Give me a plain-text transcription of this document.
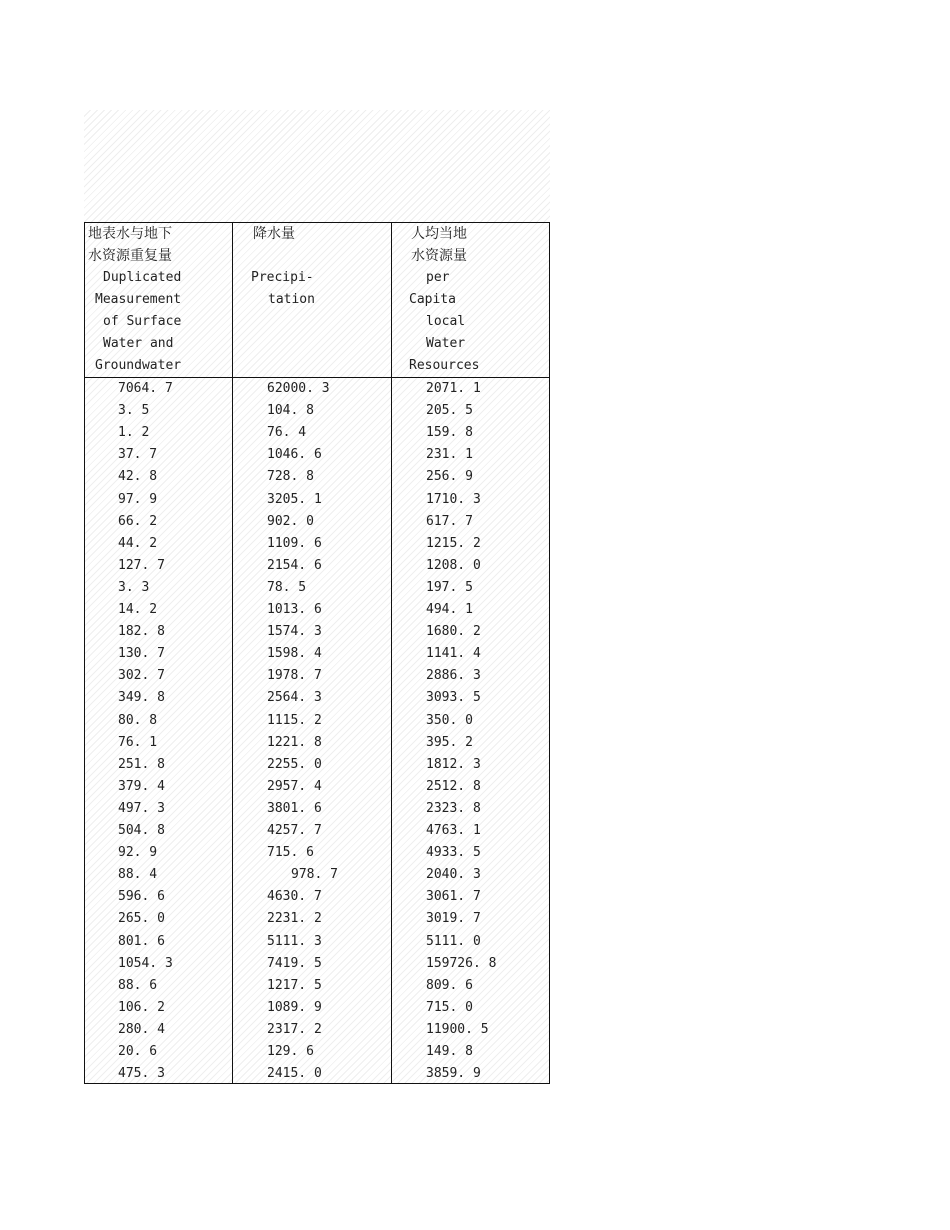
地表水与地下
水资源重复量
Duplicated
Measurement
of Surface
Water and
Groundwater
降水量
Precipi-
tation
人均当地
水资源量
per
Capita
local
Water
Resources
7064. 7	62000. 3	2071. 1
3. 5	104. 8	205. 5
1. 2	76. 4	159. 8
37. 7	1046. 6	231. 1
42. 8	728. 8	256. 9
97. 9	3205. 1	1710. 3
66. 2	902. 0	617. 7
44. 2	1109. 6	1215. 2
127. 7	2154. 6	1208. 0
3. 3	78. 5	197. 5
14. 2	1013. 6	494. 1
182. 8	1574. 3	1680. 2
130. 7	1598. 4	1141. 4
302. 7	1978. 7	2886. 3
349. 8	2564. 3	3093. 5
80. 8	1115. 2	350. 0
76. 1	1221. 8	395. 2
251. 8	2255. 0	1812. 3
379. 4	2957. 4	2512. 8
497. 3	3801. 6	2323. 8
504. 8	4257. 7	4763. 1
92. 9	715. 6	4933. 5
88. 4	978. 7	2040. 3
596. 6	4630. 7	3061. 7
265. 0	2231. 2	3019. 7
801. 6	5111. 3	5111. 0
1054. 3	7419. 5	159726. 8
88. 6	1217. 5	809. 6
106. 2	1089. 9	715. 0
280. 4	2317. 2	11900. 5
20. 6	129. 6	149. 8
475. 3	2415. 0	3859. 9
